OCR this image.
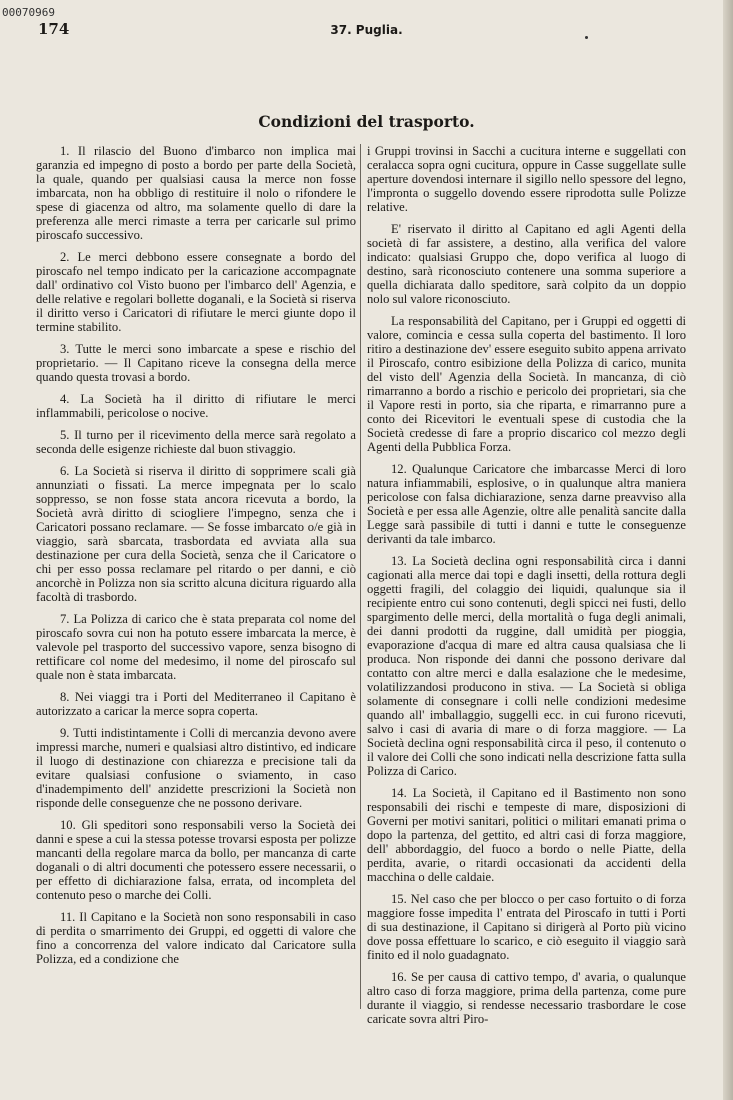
00070969
174	37. Puglia.
Condizioni del trasporto.

1. Il rilascio del Buono d'imbarco non implica mai garanzia ed impegno di posto a bordo per parte della Società, la quale, quando per qualsiasi causa la merce non fosse imbarcata, non ha obbligo di restituire il nolo o rifondere le spese di giacenza od altro, ma solamente quello di dare la preferenza alle merci rimaste a terra per caricarle sul primo piroscafo successivo.

2. Le merci debbono essere consegnate a bordo del piroscafo nel tempo indicato per la caricazione accompagnate dall' ordinativo col Visto buono per l'imbarco dell' Agenzia, e delle relative e regolari bollette doganali, e la Società si riserva il diritto verso i Caricatori di rifiutare le merci giunte dopo il termine stabilito.

3. Tutte le merci sono imbarcate a spese e rischio del proprietario. — Il Capitano riceve la consegna della merce quando questa trovasi a bordo.

4. La Società ha il diritto di rifiutare le merci inflammabili, pericolose o nocive.

5. Il turno per il ricevimento della merce sarà regolato a seconda delle esigenze richieste dal buon stivaggio.

6. La Società si riserva il diritto di sopprimere scali già annunziati o fissati. La merce impegnata per lo scalo soppresso, se non fosse stata ancora ricevuta a bordo, la Società avrà diritto di sciogliere l'impegno, senza che i Caricatori possano reclamare. — Se fosse imbarcato o/e già in viaggio, sarà sbarcata, trasbordata ed avviata alla sua destinazione per cura della Società, senza che il Caricatore o chi per esso possa reclamare pel ritardo o per danni, e ciò ancorchè in Polizza non sia scritto alcuna dicitura riguardo alla facoltà di trasbordo.

7. La Polizza di carico che è stata preparata col nome del piroscafo sovra cui non ha potuto essere imbarcata la merce, è valevole pel trasporto del successivo vapore, senza bisogno di rettificare col nome del medesimo, il nome del piroscafo sul quale non è stata imbarcata.

8. Nei viaggi tra i Porti del Mediterraneo il Capitano è autorizzato a caricar la merce sopra coperta.

9. Tutti indistintamente i Colli di mercanzia devono avere impressi marche, numeri e qualsiasi altro distintivo, ed indicare il luogo di destinazione con chiarezza e precisione tali da evitare qualsiasi confusione o sviamento, in caso d'inadempimento dell' anzidette prescrizioni la Società non risponde delle conseguenze che ne possono derivare.

10. Gli speditori sono responsabili verso la Società dei danni e spese a cui la stessa potesse trovarsi esposta per polizze mancanti della regolare marca da bollo, per mancanza di carte doganali o di altri documenti che potessero essere necessarii, o per effetto di dichiarazione falsa, errata, od incompleta del contenuto peso o marche dei Colli.

11. Il Capitano e la Società non sono responsabili in caso di perdita o smarrimento dei Gruppi, ed oggetti di valore che fino a concorrenza del valore indicato dal Caricatore sulla Polizza, ed a condizione che

i Gruppi trovinsi in Sacchi a cucitura interne e suggellati con ceralacca sopra ogni cucitura, oppure in Casse suggellate sulle aperture dovendosi internare il sigillo nello spessore del legno, l'impronta o suggello dovendo essere riprodotta sulle Polizze relative.

E' riservato il diritto al Capitano ed agli Agenti della società di far assistere, a destino, alla verifica del valore indicato: qualsiasi Gruppo che, dopo verifica al luogo di destino, sarà riconosciuto contenere una somma superiore a quella dichiarata dallo speditore, sarà colpito da un doppio nolo sul valore riconosciuto.

La responsabilità del Capitano, per i Gruppi ed oggetti di valore, comincia e cessa sulla coperta del bastimento. Il loro ritiro a destinazione dev' essere eseguito subito appena arrivato il Piroscafo, contro esibizione della Polizza di carico, munita del visto dell' Agenzia della Società. In mancanza, di ciò rimarranno a bordo a rischio e pericolo dei proprietari, sia che il Vapore resti in porto, sia che riparta, e rimarranno pure a conto dei Ricevitori le eventuali spese di custodia che la Società credesse di fare a proprio discarico col mezzo degli Agenti della Pubblica Forza.

12. Qualunque Caricatore che imbarcasse Merci di loro natura infiammabili, esplosive, o in qualunque altra maniera pericolose con falsa dichiarazione, senza darne preavviso alla Società e per essa alle Agenzie, oltre alle penalità sancite dalla Legge sarà passibile di tutti i danni e tutte le conseguenze derivanti da tale imbarco.

13. La Società declina ogni responsabilità circa i danni cagionati alla merce dai topi e dagli insetti, della rottura degli oggetti fragili, del colaggio dei liquidi, qualunque sia il recipiente entro cui sono contenuti, degli spicci nei fusti, dello spargimento delle merci, della mortalità o fuga degli animali, dei danni prodotti da ruggine, dall umidità per pioggia, evaporazione d'acqua di mare ed altra causa qualsiasa che li produca. Non risponde dei danni che possono derivare dal contatto con altre merci e dalla esalazione che le medesime, volatilizzandosi producono in stiva. — La Società si obliga solamente di consegnare i colli nelle condizioni medesime quando all' imballaggio, suggelli ecc. in cui furono ricevuti, salvo i casi di avaria di mare o di forza maggiore. — La Società declina ogni responsabilità circa il peso, il contenuto o il valore dei Colli che sono indicati nella descrizione fatta sulla Polizza di Carico.

14. La Società, il Capitano ed il Bastimento non sono responsabili dei rischi e tempeste di mare, disposizioni di Governi per motivi sanitari, politici o militari emanati prima o dopo la partenza, del gettito, ed altri casi di forza maggiore, dell' abbordaggio, del fuoco a bordo o nelle Piatte, della perdita, avarie, o ritardi occasionati da accidenti della macchina o delle caldaie.

15. Nel caso che per blocco o per caso fortuito o di forza maggiore fosse impedita l' entrata del Piroscafo in tutti i Porti di sua destinazione, il Capitano si dirigerà al Porto più vicino dove possa effettuare lo scarico, e ciò eseguito il viaggio sarà finito ed il nolo guadagnato.

16. Se per causa di cattivo tempo, d' avaria, o qualunque altro caso di forza maggiore, prima della partenza, come pure durante il viaggio, si rendesse necessario trasbordare le cose caricate sovra altri Piro-
